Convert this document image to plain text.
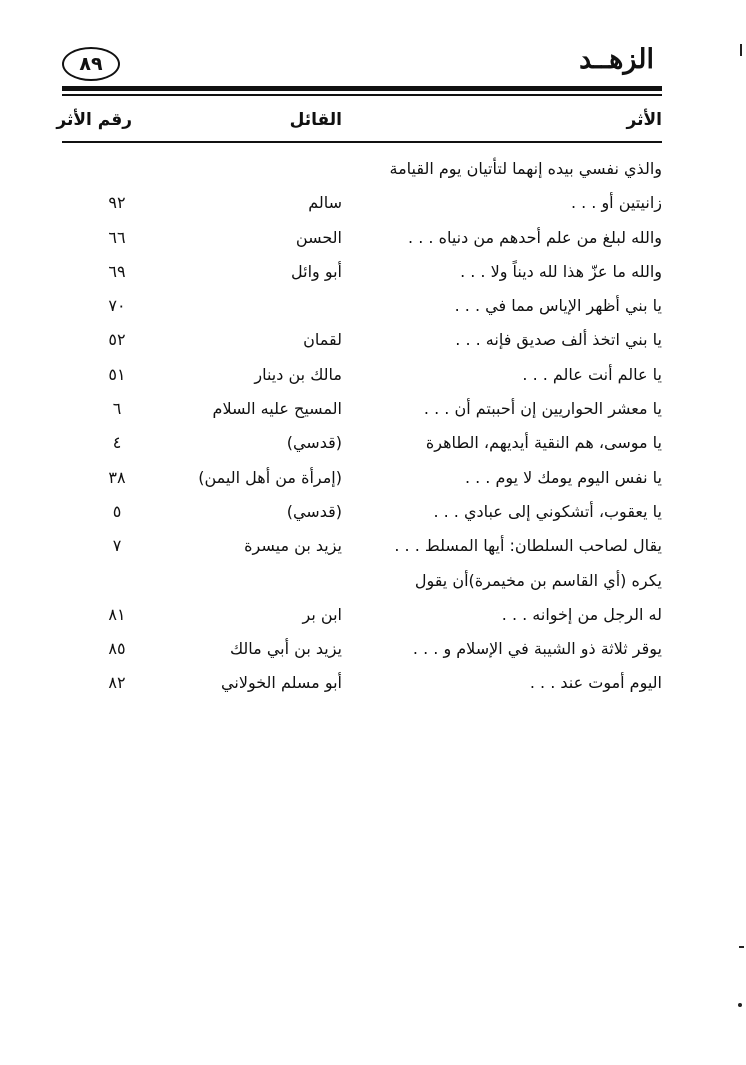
٨٩	الزهــد
الأثر
القائل
رقم الأثر
والذي نفسي بيده إنهما لتأتيان يوم القيامة
زانيتين أو . . .
سالم
٩٢
والله لبلغ من علم أحدهم من دنياه . . .
الحسن
٦٦
والله ما عزّ هذا لله ديناً ولا . . .
أبو وائل
٦٩
يا بني أظهر الإياس مما في . . .
٧٠
يا بني اتخذ ألف صديق فإنه . . .
لقمان
٥٢
يا عالم أنت عالم . . .
مالك بن دينار
٥١
يا معشر الحواريين إن أحببتم أن . . .
المسيح عليه السلام
٦
يا موسى، هم النقية أيديهم، الطاهرة
(قدسي)
٤
يا نفس اليوم يومك لا يوم . . .
(إمرأة من أهل اليمن)
٣٨
يا يعقوب، أتشكوني إلى عبادي . . .
(قدسي)
٥
يقال لصاحب السلطان: أيها المسلط . . .
يزيد بن ميسرة
٧
يكره (أي القاسم بن مخيمرة)أن يقول
له الرجل من إخوانه . . .
ابن بر
٨١
يوقر ثلاثة ذو الشيبة في الإسلام و . . .
يزيد بن أبي مالك
٨٥
اليوم أموت عند . . .
أبو مسلم الخولاني
٨٢
